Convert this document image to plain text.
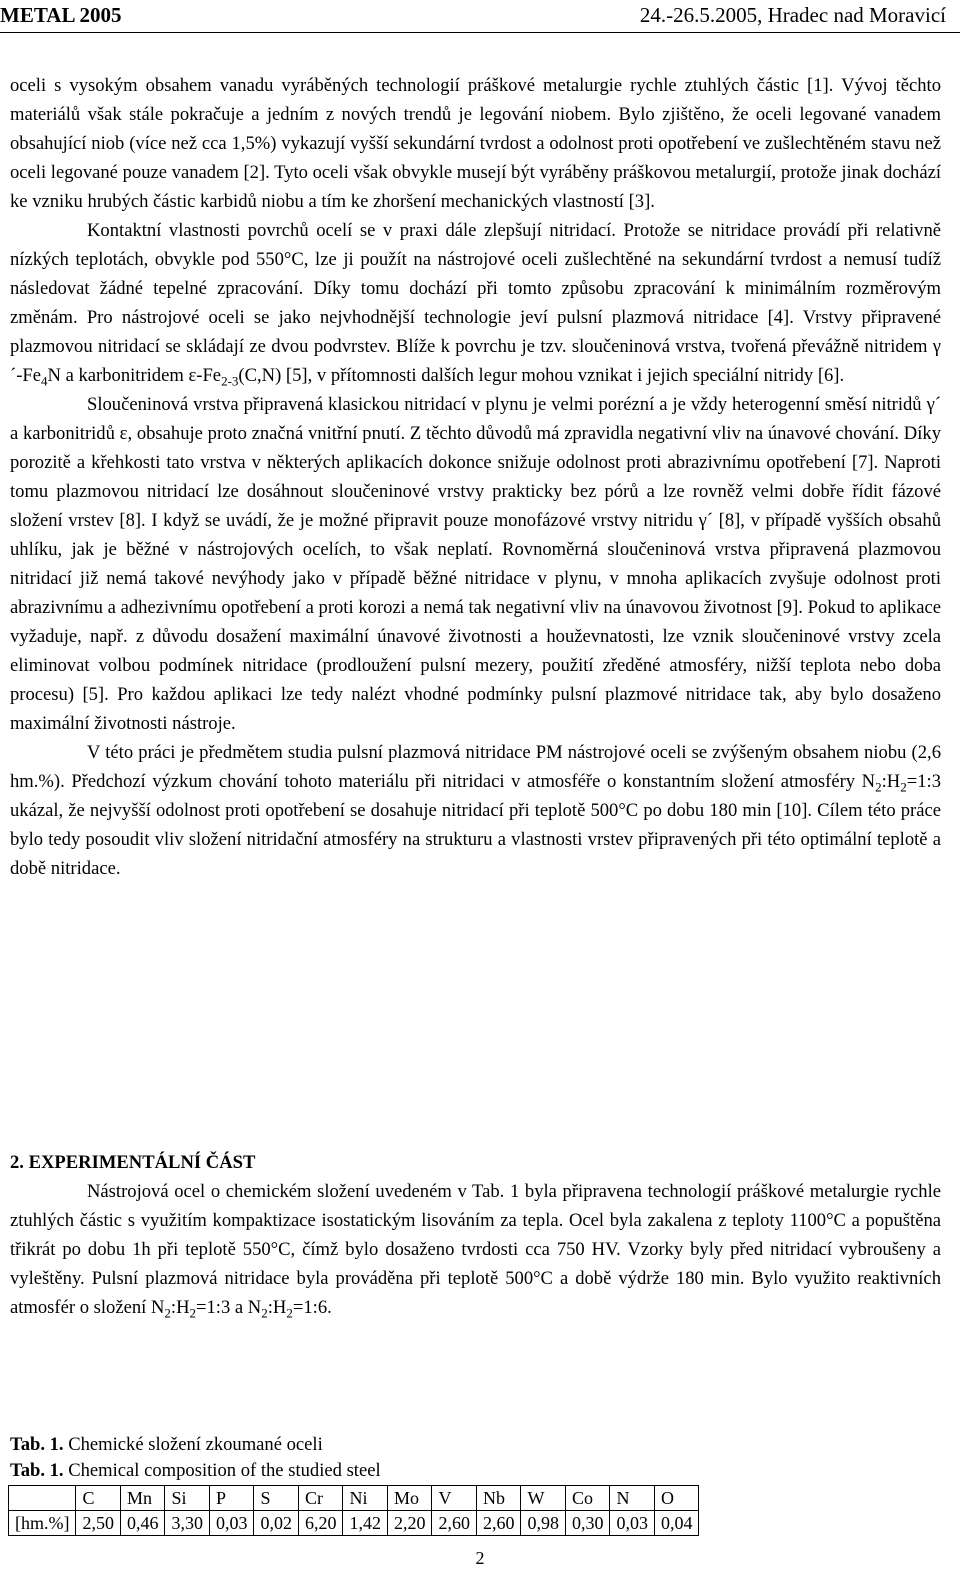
METAL 2005	24.-26.5.2005, Hradec nad Moravicí

oceli s vysokým obsahem vanadu vyráběných technologií práškové metalurgie rychle ztuhlých částic [1]. Vývoj těchto materiálů však stále pokračuje a jedním z nových trendů je legování niobem. Bylo zjištěno, že oceli legované vanadem obsahující niob (více než cca 1,5%) vykazují vyšší sekundární tvrdost a odolnost proti opotřebení ve zušlechtěném stavu než oceli legované pouze vanadem [2]. Tyto oceli však obvykle musejí být vyráběny práškovou metalurgií, protože jinak dochází ke vzniku hrubých částic karbidů niobu a tím ke zhoršení mechanických vlastností [3].

Kontaktní vlastnosti povrchů ocelí se v praxi dále zlepšují nitridací. Protože se nitridace provádí při relativně nízkých teplotách, obvykle pod 550°C, lze ji použít na nástrojové oceli zušlechtěné na sekundární tvrdost a nemusí tudíž následovat žádné tepelné zpracování. Díky tomu dochází při tomto způsobu zpracování k minimálním rozměrovým změnám. Pro nástrojové oceli se jako nejvhodnější technologie jeví pulsní plazmová nitridace [4]. Vrstvy připravené plazmovou nitridací se skládají ze dvou podvrstev. Blíže k povrchu je tzv. sloučeninová vrstva, tvořená převážně nitridem $\gamma´-Fe_4N$ a karbonitridem $\varepsilon-Fe_{2-3}(C,N)$ [5], v přítomnosti dalších legur mohou vznikat i jejich speciální nitridy [6].

Sloučeninová vrstva připravená klasickou nitridací v plynu je velmi porézní a je vždy heterogenní směsí nitridů γ´ a karbonitridů ε, obsahuje proto značná vnitřní pnutí. Z těchto důvodů má zpravidla negativní vliv na únavové chování. Díky porozitě a křehkosti tato vrstva v některých aplikacích dokonce snižuje odolnost proti abrazivnímu opotřebení [7]. Naproti tomu plazmovou nitridací lze dosáhnout sloučeninové vrstvy prakticky bez pórů a lze rovněž velmi dobře řídit fázové složení vrstev [8]. I když se uvádí, že je možné připravit pouze monofázové vrstvy nitridu γ´ [8], v případě vyšších obsahů uhlíku, jak je běžné v nástrojových ocelích, to však neplatí. Rovnoměrná sloučeninová vrstva připravená plazmovou nitridací již nemá takové nevýhody jako v případě běžné nitridace v plynu, v mnoha aplikacích zvyšuje odolnost proti abrazivnímu a adhezivnímu opotřebení a proti korozi a nemá tak negativní vliv na únavovou životnost [9]. Pokud to aplikace vyžaduje, např. z důvodu dosažení maximální únavové životnosti a houževnatosti, lze vznik sloučeninové vrstvy zcela eliminovat volbou podmínek nitridace (prodloužení pulsní mezery, použití zředěné atmosféry, nižší teplota nebo doba procesu) [5]. Pro každou aplikaci lze tedy nalézt vhodné podmínky pulsní plazmové nitridace tak, aby bylo dosaženo maximální životnosti nástroje.

V této práci je předmětem studia pulsní plazmová nitridace PM nástrojové oceli se zvýšeným obsahem niobu (2,6 hm.%). Předchozí výzkum chování tohoto materiálu při nitridaci v atmosféře o konstantním složení atmosféry $N_2:H_2=1:3$ ukázal, že nejvyšší odolnost proti opotřebení se dosahuje nitridací při teplotě 500°C po dobu 180 min [10]. Cílem této práce bylo tedy posoudit vliv složení nitridační atmosféry na strukturu a vlastnosti vrstev připravených při této optimální teplotě a době nitridace.

2. EXPERIMENTÁLNÍ ČÁST

Nástrojová ocel o chemickém složení uvedeném v Tab. 1 byla připravena technologií práškové metalurgie rychle ztuhlých částic s využitím kompaktizace isostatickým lisováním za tepla. Ocel byla zakalena z teploty 1100°C a popuštěna třikrát po dobu 1h při teplotě 550°C, čímž bylo dosaženo tvrdosti cca 750 HV. Vzorky byly před nitridací vybroušeny a vyleštěny. Pulsní plazmová nitridace byla prováděna při teplotě 500°C a době výdrže 180 min. Bylo využito reaktivních atmosfér o složení $N_2:H_2=1:3$ a $N_2:H_2=1:6$.

Tab. 1. Chemické složení zkoumané oceli
Tab. 1. Chemical composition of the studied steel
	C	Mn	Si	P	S	Cr	Ni	Mo	V	Nb	W	Co	N	O
[hm.%]	2,50	0,46	3,30	0,03	0,02	6,20	1,42	2,20	2,60	2,60	0,98	0,30	0,03	0,04
2
